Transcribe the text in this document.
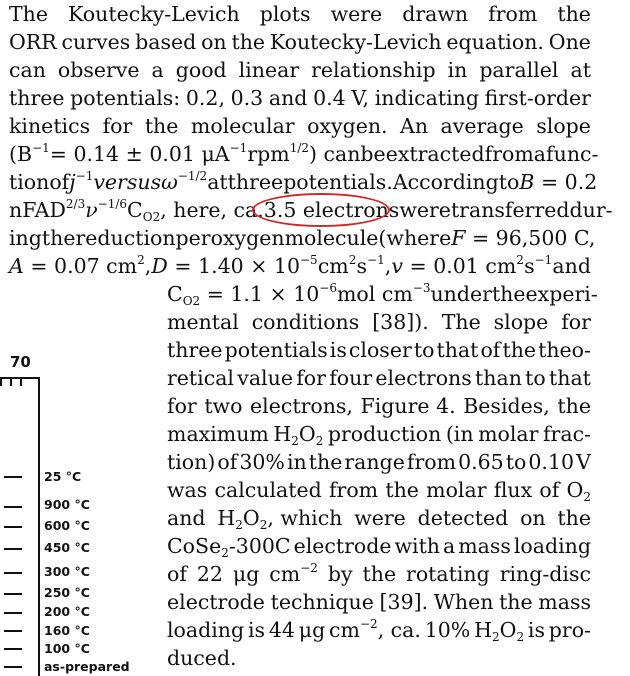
The Koutecky-Levich plots were drawn from the
ORR curves based on the Koutecky-Levich equation. One
can observe a good linear relationship in parallel at
three potentials: 0.2, 0.3 and 0.4 V, indicating first-order
kinetics for the molecular oxygen. An average slope
($B^{-1}= 0.14 \pm 0.01$ $\mu A^{-1}$ rpm$^{1/2}$) can be extracted from a func-
tion of $j^{-1}$ versus $\omega^{-1/2}$ at three potentials. According to B = 0.2
$nFAD^{2/3}\nu^{-1/6}C_{O2}$, here, ca. 3.5 electrons were transferred dur-
ing the reduction per oxygen molecule (where F = 96,500 C,
A = 0.07 $cm^2$, $D = 1.40 \times 10^{-5}$ $cm^2$ $s^{-1}$, v = 0.01 $cm^2$ $s^{-1}$ and
$C_{O2} = 1.1 \times 10^{-6}$ mol $cm^{-3}$ under the experi-
mental conditions [38]). The slope for
three potentials is closer to that of the theo-
retical value for four electrons than to that
for two electrons, Figure 4. Besides, the
maximum $H_2O_2$ production (in molar frac-
tion) of 30% in the range from 0.65 to 0.10 V
was calculated from the molar flux of $O_2$
and $H_2O_2$, which were detected on the
CoSe$_2$-300C electrode with a mass loading
of 22 μg $cm^{-2}$ by the rotating ring-disc
electrode technique [39]. When the mass
loading is 44 μg $cm^{-2}$, ca. 10% $H_2O_2$ is pro-
duced.
70
25 °C
900 °C
600 °C
450 °C
300 °C
250 °C
200 °C
160 °C
100 °C
as-prepared
